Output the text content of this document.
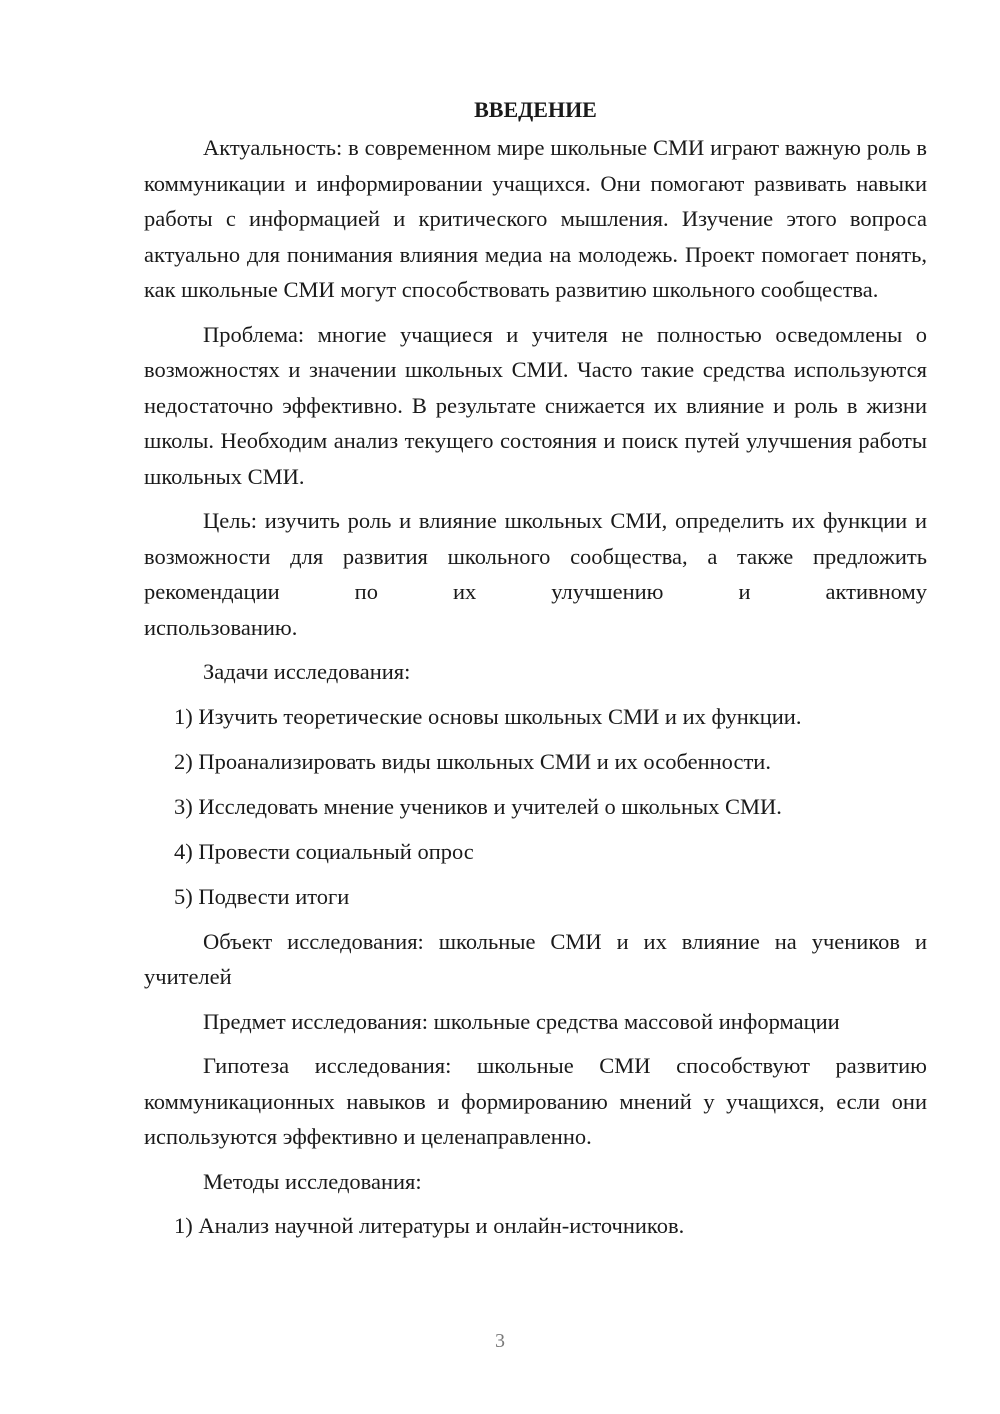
ВВЕДЕНИЕ

Актуальность: в современном мире школьные СМИ играют важную роль в коммуникации и информировании учащихся. Они помогают развивать навыки работы с информацией и критического мышления. Изучение этого вопроса актуально для понимания влияния медиа на молодежь. Проект помогает понять, как школьные СМИ могут способствовать развитию школьного сообщества.

Проблема: многие учащиеся и учителя не полностью осведомлены о возможностях и значении школьных СМИ. Часто такие средства используются недостаточно эффективно. В результате снижается их влияние и роль в жизни школы. Необходим анализ текущего состояния и поиск путей улучшения работы школьных СМИ.

Цель: изучить роль и влияние школьных СМИ, определить их функции и возможности для развития школьного сообщества, а также предложить рекомендации по их улучшению и активному

использованию.

Задачи исследования:
1) Изучить теоретические основы школьных СМИ и их функции.
2) Проанализировать виды школьных СМИ и их особенности.
3) Исследовать мнение учеников и учителей о школьных СМИ.
4) Провести социальный опрос
5) Подвести итоги

Объект исследования: школьные СМИ и их влияние на учеников и учителей

Предмет исследования: школьные средства массовой информации

Гипотеза исследования: школьные СМИ способствуют развитию коммуникационных навыков и формированию мнений у учащихся, если они используются эффективно и целенаправленно.

Методы исследования:
1) Анализ научной литературы и онлайн-источников.
3
